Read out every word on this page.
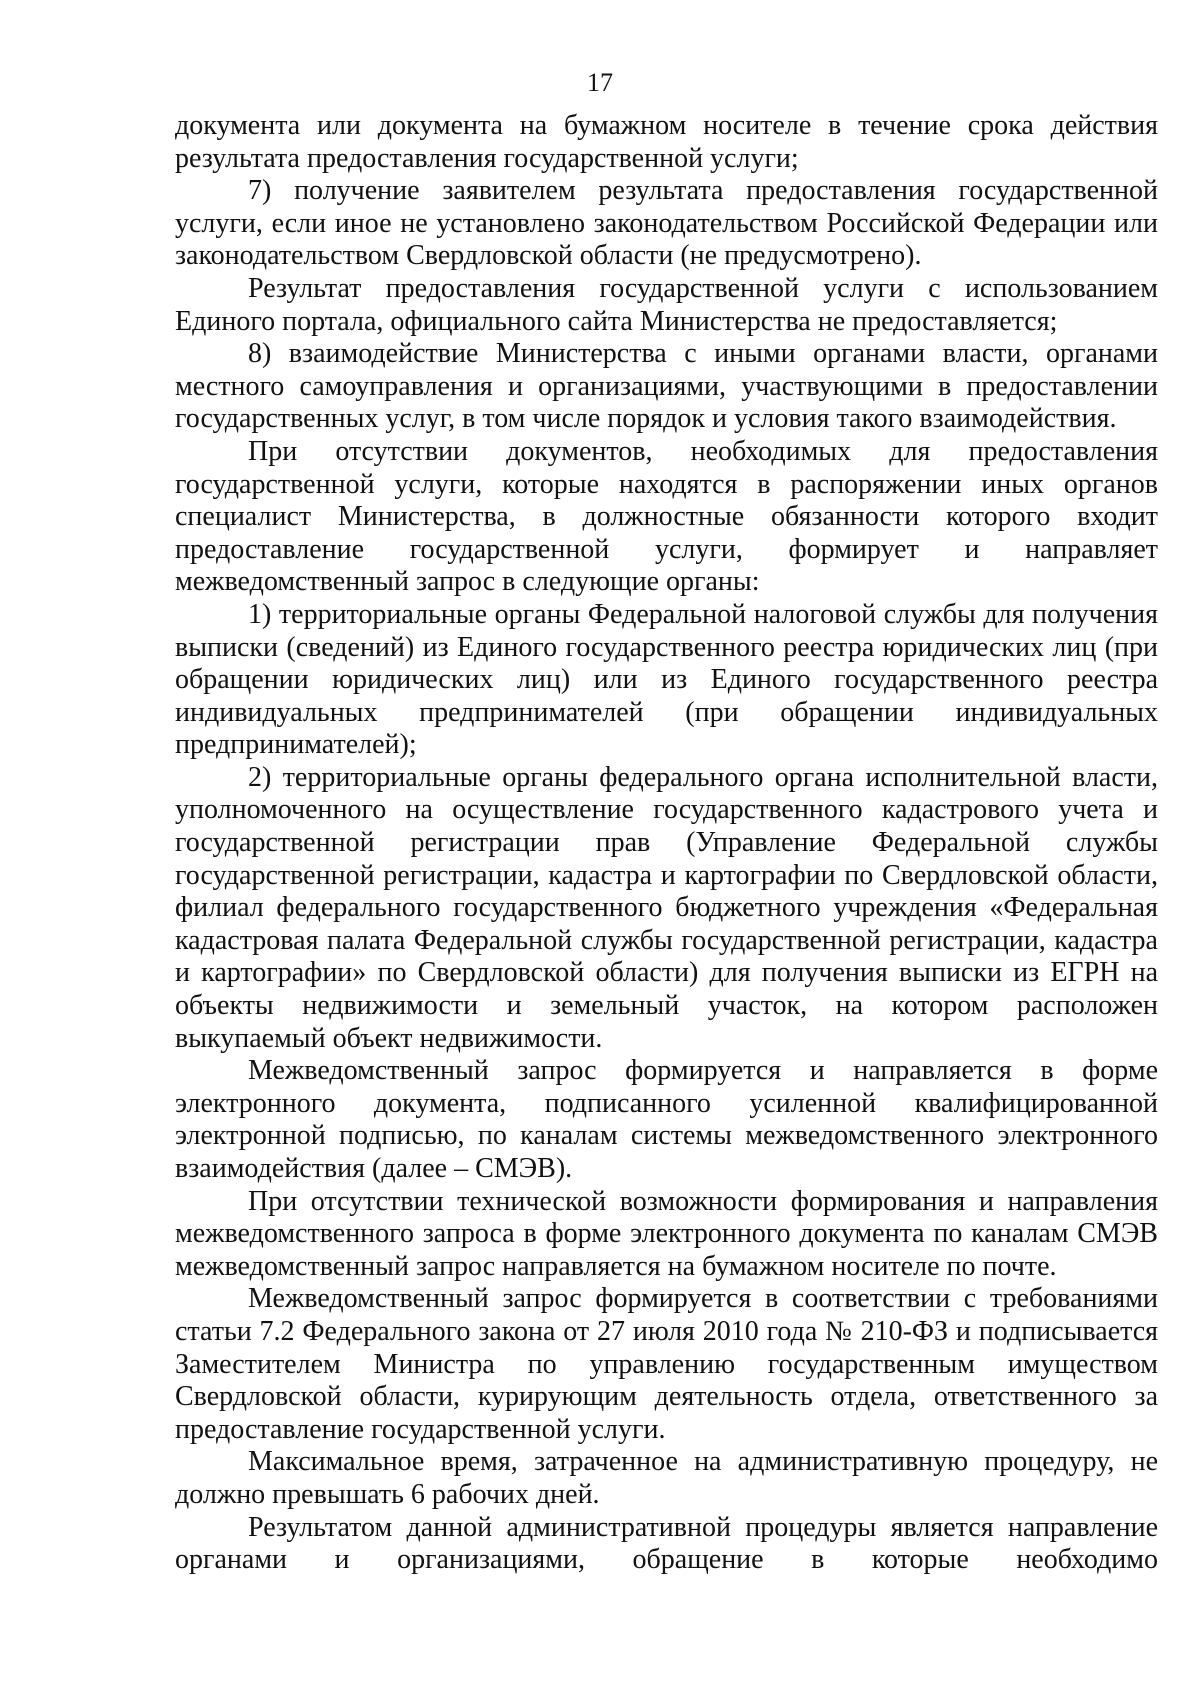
17

документа или документа на бумажном носителе в течение срока действия результата предоставления государственной услуги;

7) получение заявителем результата предоставления государственной услуги, если иное не установлено законодательством Российской Федерации или законодательством Свердловской области (не предусмотрено).

Результат предоставления государственной услуги с использованием Единого портала, официального сайта Министерства не предоставляется;

8) взаимодействие Министерства с иными органами власти, органами местного самоуправления и организациями, участвующими в предоставлении государственных услуг, в том числе порядок и условия такого взаимодействия.

При отсутствии документов, необходимых для предоставления государственной услуги, которые находятся в распоряжении иных органов специалист Министерства, в должностные обязанности которого входит предоставление государственной услуги, формирует и направляет межведомственный запрос в следующие органы:

1) территориальные органы Федеральной налоговой службы для получения выписки (сведений) из Единого государственного реестра юридических лиц (при обращении юридических лиц) или из Единого государственного реестра индивидуальных предпринимателей (при обращении индивидуальных предпринимателей);

2) территориальные органы федерального органа исполнительной власти, уполномоченного на осуществление государственного кадастрового учета и государственной регистрации прав (Управление Федеральной службы государственной регистрации, кадастра и картографии по Свердловской области, филиал федерального государственного бюджетного учреждения «Федеральная кадастровая палата Федеральной службы государственной регистрации, кадастра и картографии» по Свердловской области) для получения выписки из ЕГРН на объекты недвижимости и земельный участок, на котором расположен выкупаемый объект недвижимости.

Межведомственный запрос формируется и направляется в форме электронного документа, подписанного усиленной квалифицированной электронной подписью, по каналам системы межведомственного электронного взаимодействия (далее – СМЭВ).

При отсутствии технической возможности формирования и направления межведомственного запроса в форме электронного документа по каналам СМЭВ межведомственный запрос направляется на бумажном носителе по почте.

Межведомственный запрос формируется в соответствии с требованиями статьи 7.2 Федерального закона от 27 июля 2010 года № 210-ФЗ и подписывается Заместителем Министра по управлению государственным имуществом Свердловской области, курирующим деятельность отдела, ответственного за предоставление государственной услуги.

Максимальное время, затраченное на административную процедуру, не должно превышать 6 рабочих дней.

Результатом данной административной процедуры является направление органами и организациями, обращение в которые необходимо
